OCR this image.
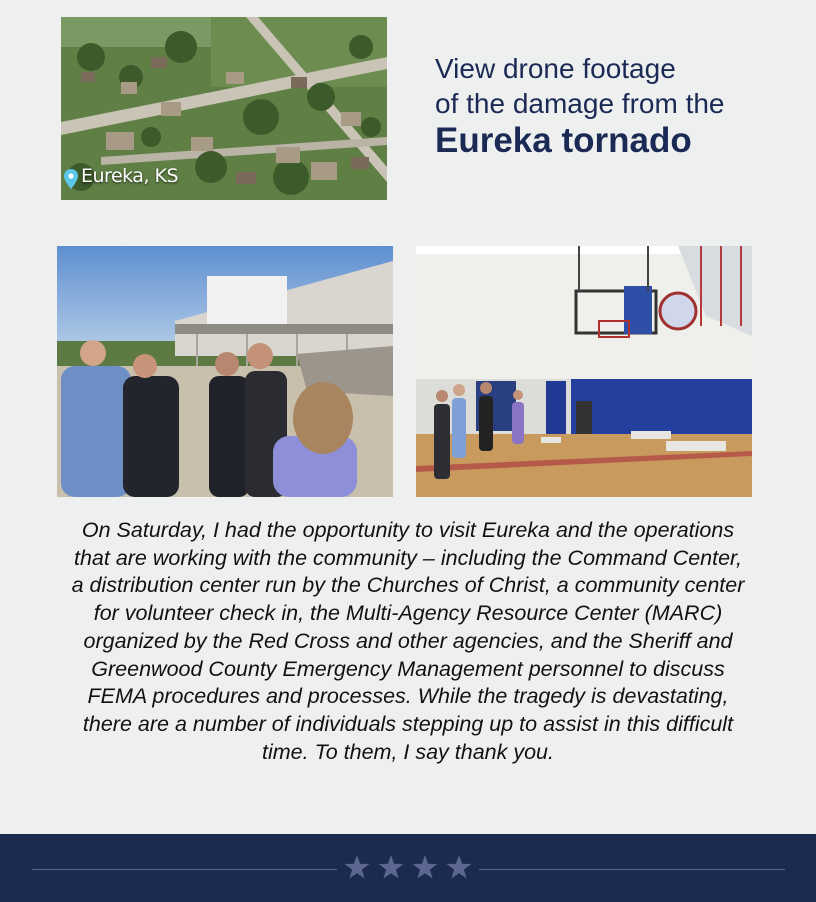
Eureka, KS
View drone footage
of the damage from the
Eureka tornado
On Saturday, I had the opportunity to visit Eureka and the operations that are working with the community – including the Command Center, a distribution center run by the Churches of Christ, a community center for volunteer check in, the Multi-Agency Resource Center (MARC) organized by the Red Cross and other agencies, and the Sheriff and Greenwood County Emergency Management personnel to discuss FEMA procedures and processes. While the tragedy is devastating, there are a number of individuals stepping up to assist in this difficult time. To them, I say thank you.
